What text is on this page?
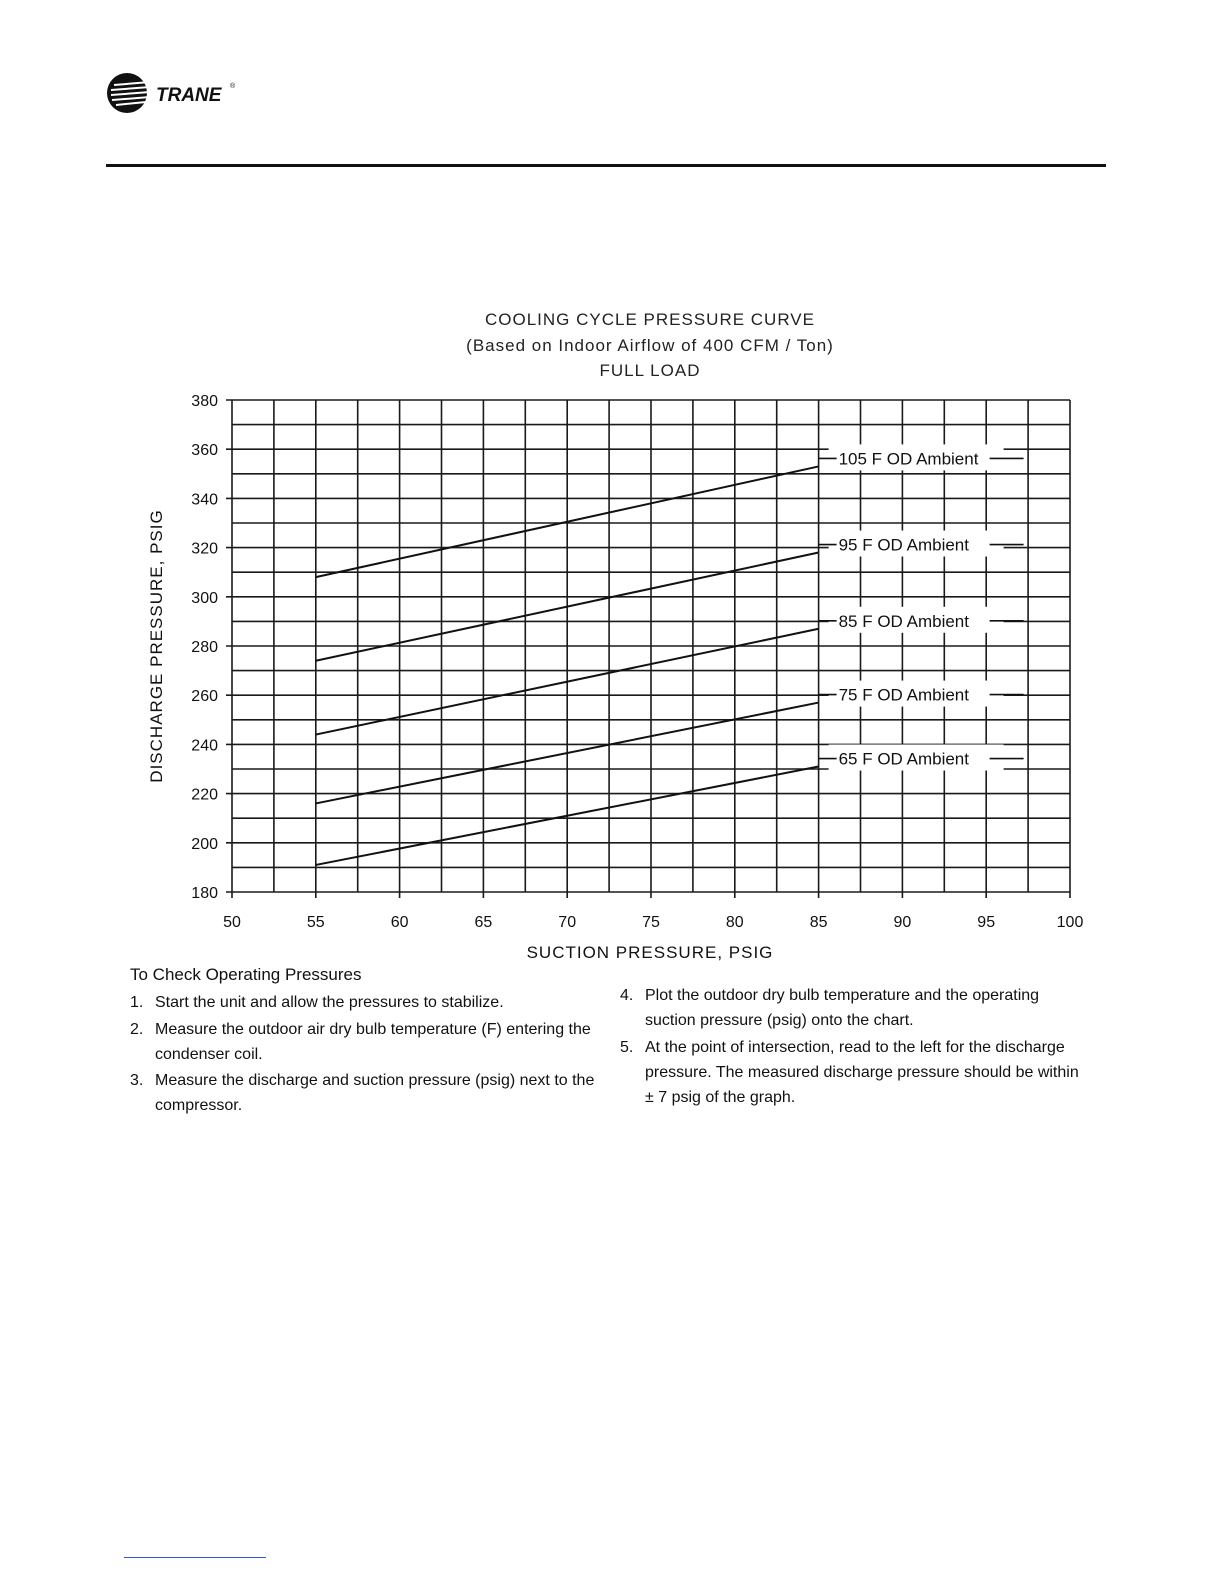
TRANE ®
COOLING CYCLE PRESSURE CURVE
(Based on Indoor Airflow of 400 CFM / Ton)
FULL LOAD
50	55	60	65	70	75	80	85	90	95	100
180
200
220
240
260
280
300
320
340
360
380
105 F OD Ambient
95 F OD Ambient
85 F OD Ambient
75 F OD Ambient
65 F OD Ambient
SUCTION PRESSURE, PSIG
DISCHARGE PRESSURE, PSIG
To Check Operating Pressures
1. Start the unit and allow the pressures to stabilize.
2. Measure the outdoor air dry bulb temperature (F) entering the condenser coil.
3. Measure the discharge and suction pressure (psig) next to the compressor.
4. Plot the outdoor dry bulb temperature and the operating suction pressure (psig) onto the chart.
5. At the point of intersection, read to the left for the discharge pressure. The measured discharge pressure should be within ± 7 psig of the graph.
